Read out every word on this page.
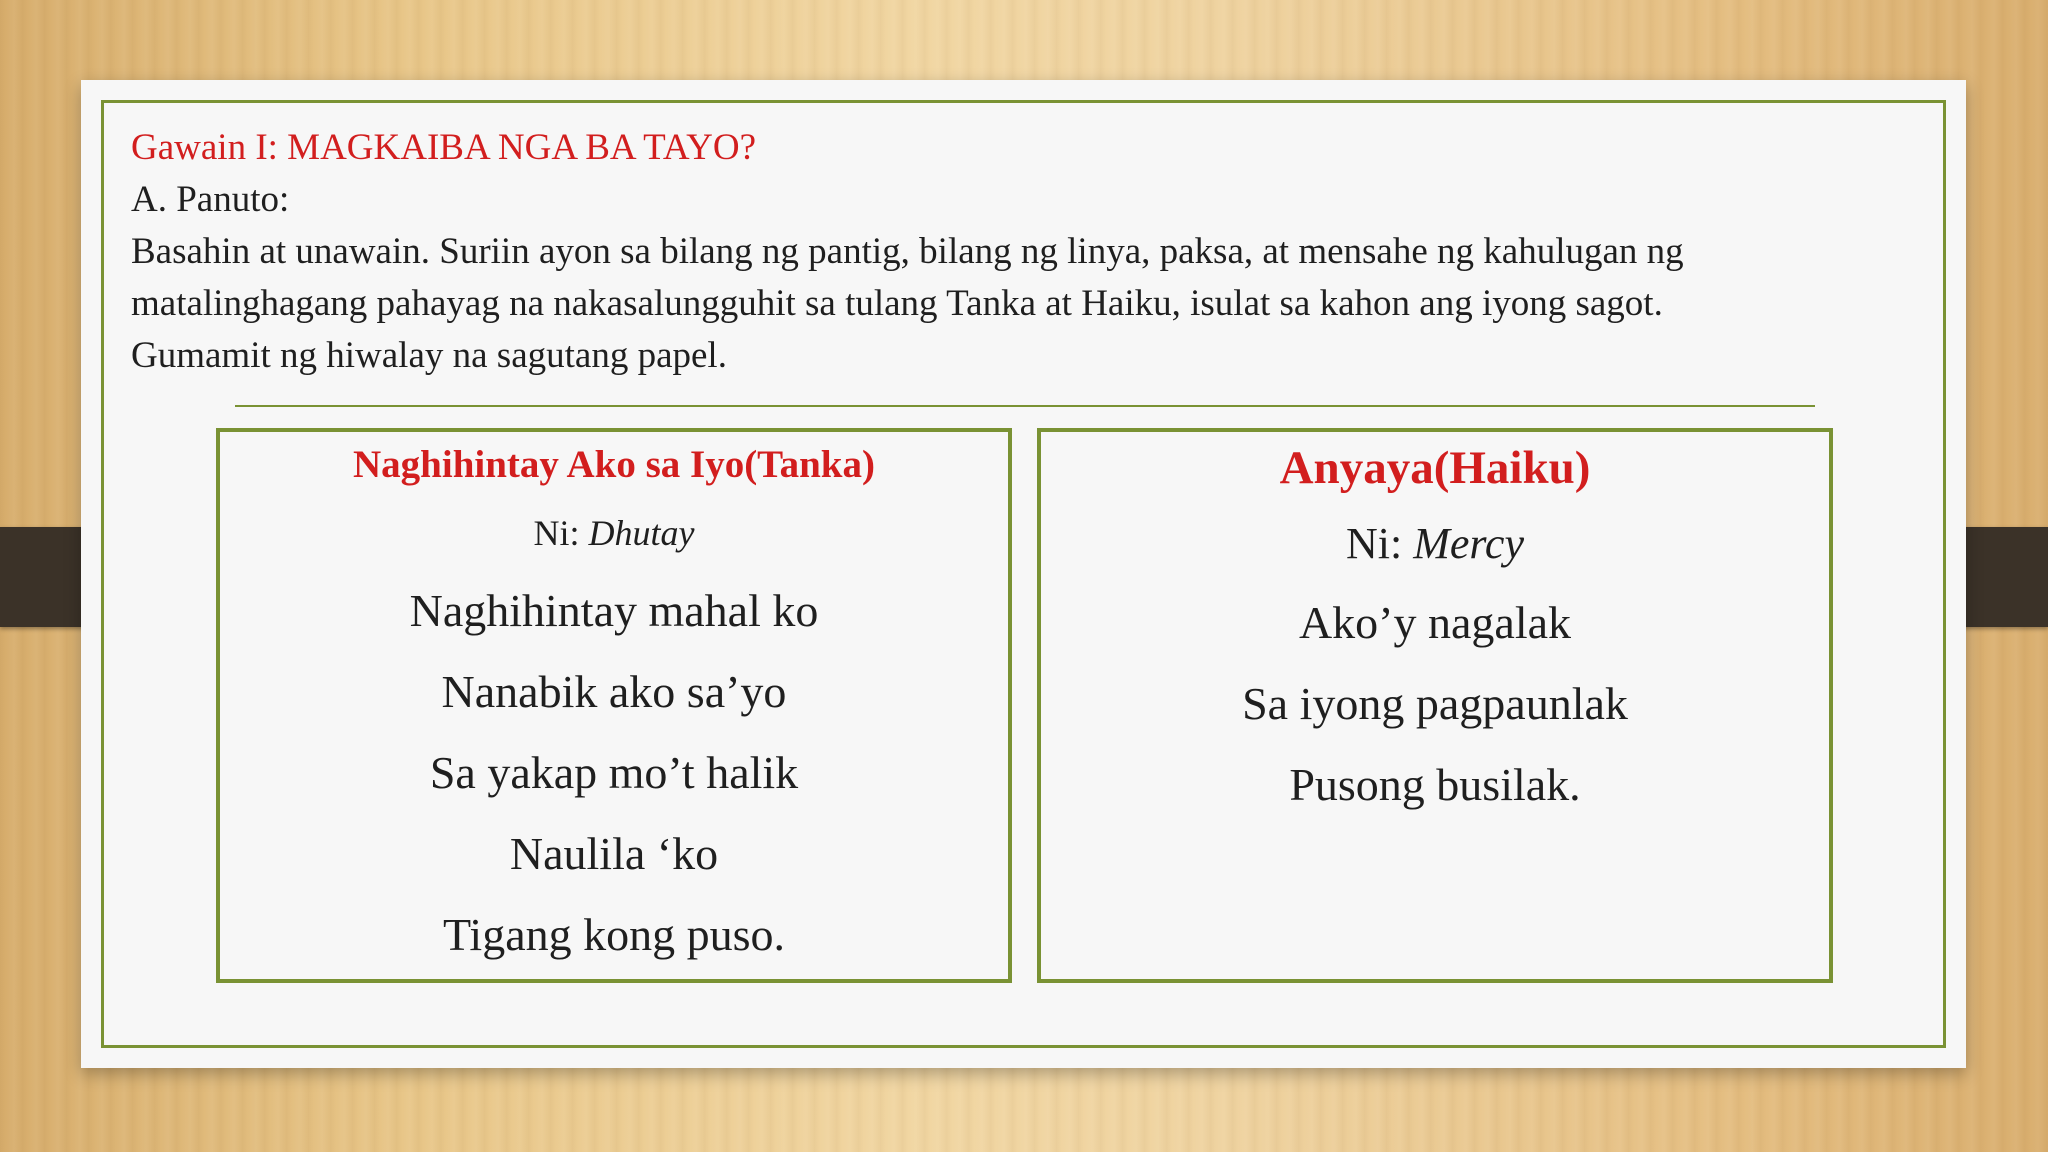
Gawain I: MAGKAIBA NGA BA TAYO?
A. Panuto:
Basahin at unawain. Suriin ayon sa bilang ng pantig, bilang ng linya, paksa, at mensahe ng kahulugan ng
matalinghagang pahayag na nakasalungguhit sa tulang Tanka at Haiku, isulat sa kahon ang iyong sagot.
Gumamit ng hiwalay na sagutang papel.
Naghihintay Ako sa Iyo(Tanka)
Ni: Dhutay
Naghihintay mahal ko
Nanabik ako sa’yo
Sa yakap mo’t halik
Naulila ‘ko
Tigang kong puso.
Anyaya(Haiku)
Ni: Mercy
Ako’y nagalak
Sa iyong pagpaunlak
Pusong busilak.
